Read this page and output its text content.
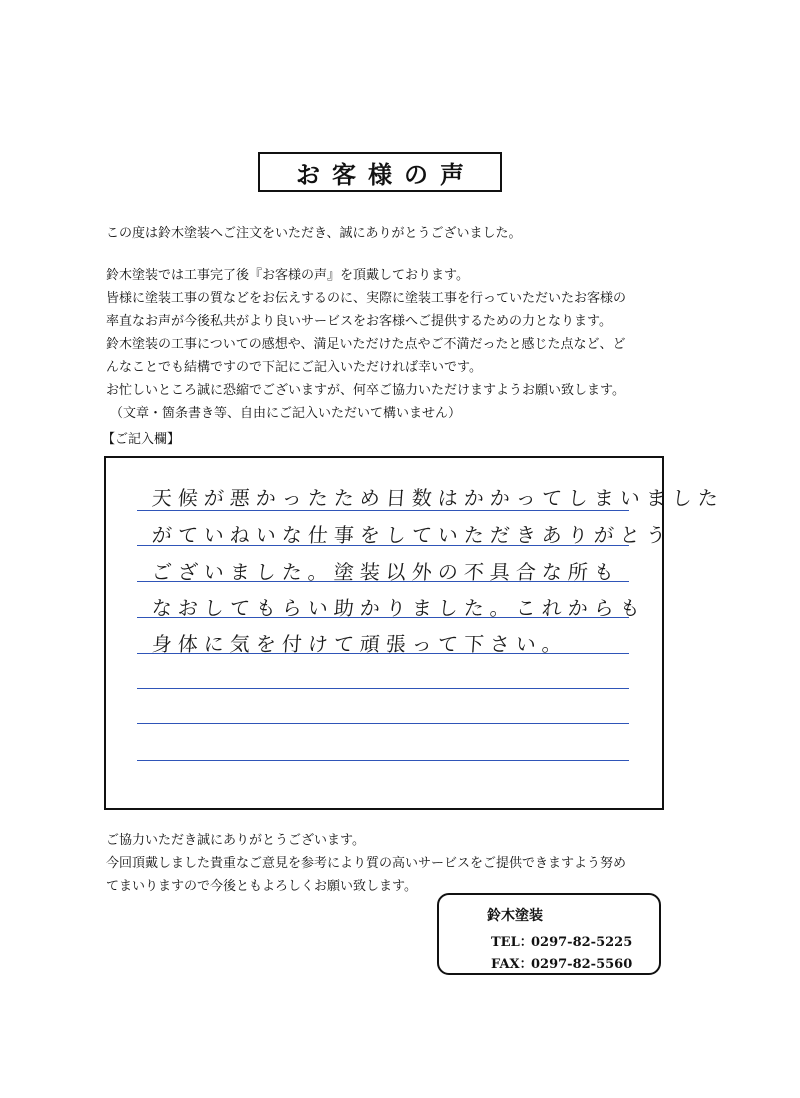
お客様の声
この度は鈴木塗装へご注文をいただき、誠にありがとうございました。
鈴木塗装では工事完了後『お客様の声』を頂戴しております。
皆様に塗装工事の質などをお伝えするのに、実際に塗装工事を行っていただいたお客様の
率直なお声が今後私共がより良いサービスをお客様へご提供するための力となります。
鈴木塗装の工事についての感想や、満足いただけた点やご不満だったと感じた点など、ど
んなことでも結構ですので下記にご記入いただければ幸いです。
お忙しいところ誠に恐縮でございますが、何卒ご協力いただけますようお願い致します。
（文章・箇条書き等、自由にご記入いただいて構いません）
【ご記入欄】
天候が悪かったため日数はかかってしまいました
がていねいな仕事をしていただきありがとう
ございました。塗装以外の不具合な所も
なおしてもらい助かりました。これからも
身体に気を付けて頑張って下さい。
ご協力いただき誠にありがとうございます。
今回頂戴しました貴重なご意見を参考により質の高いサービスをご提供できますよう努め
てまいりますので今後ともよろしくお願い致します。
鈴木塗装
TEL：0297-82-5225
FAX：0297-82-5560
